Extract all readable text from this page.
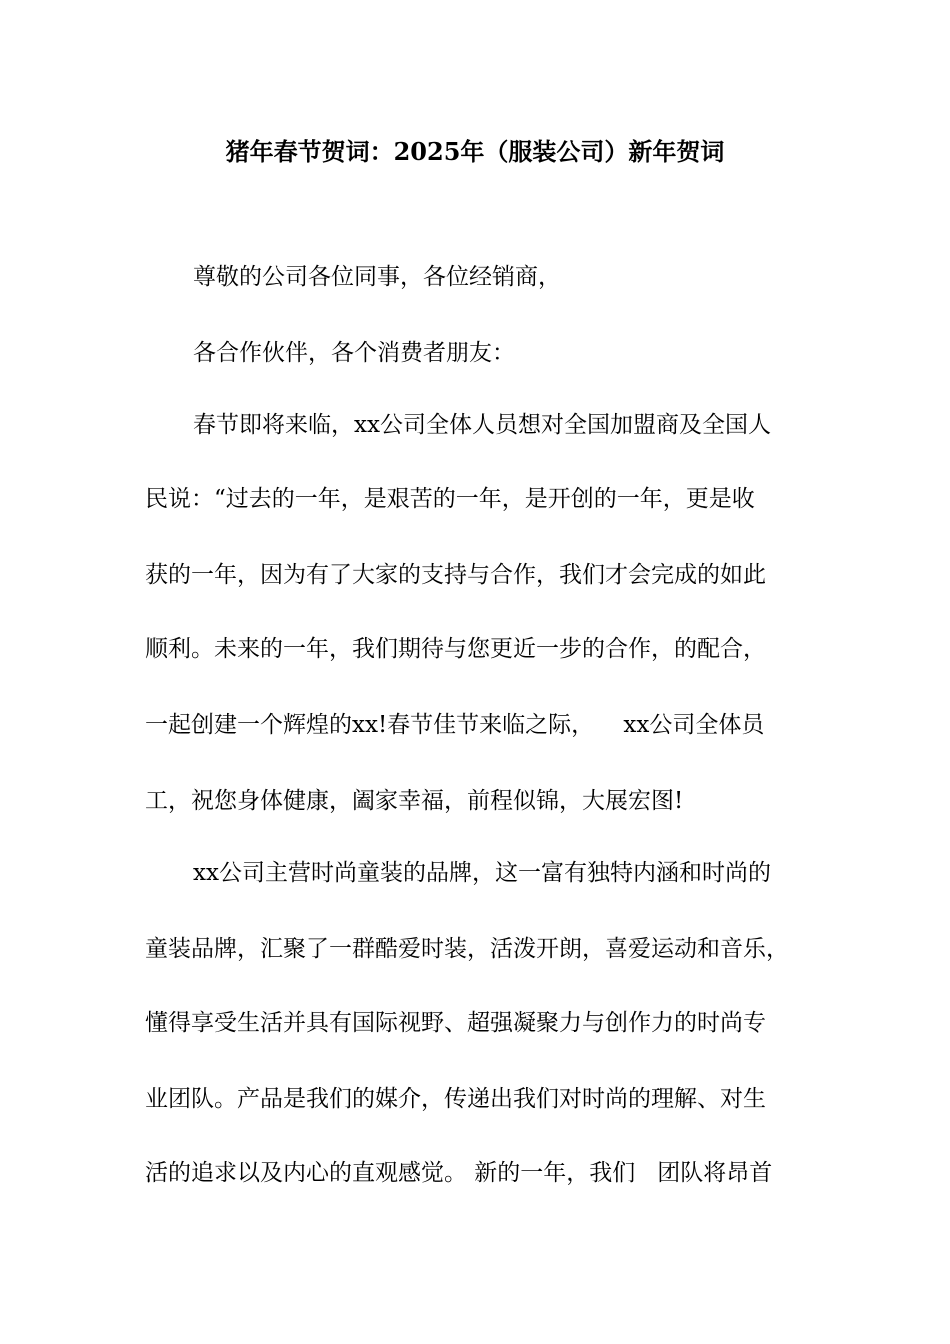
猪年春节贺词：2025年（服装公司）新年贺词
尊敬的公司各位同事，各位经销商，
各合作伙伴，各个消费者朋友：
春节即将来临，xx公司全体人员想对全国加盟商及全国人
民说：“过去的一年，是艰苦的一年，是开创的一年，更是收
获的一年，因为有了大家的支持与合作，我们才会完成的如此
顺利。未来的一年，我们期待与您更近一步的合作，的配合，
一起创建一个辉煌的xx!春节佳节来临之际，    xx公司全体员
工，祝您身体健康，阖家幸福，前程似锦，大展宏图!
xx公司主营时尚童装的品牌，这一富有独特内涵和时尚的
童装品牌，汇聚了一群酷爱时装，活泼开朗，喜爱运动和音乐，
懂得享受生活并具有国际视野、超强凝聚力与创作力的时尚专
业团队。产品是我们的媒介，传递出我们对时尚的理解、对生
活的追求以及内心的直观感觉。 新的一年，我们   团队将昂首
